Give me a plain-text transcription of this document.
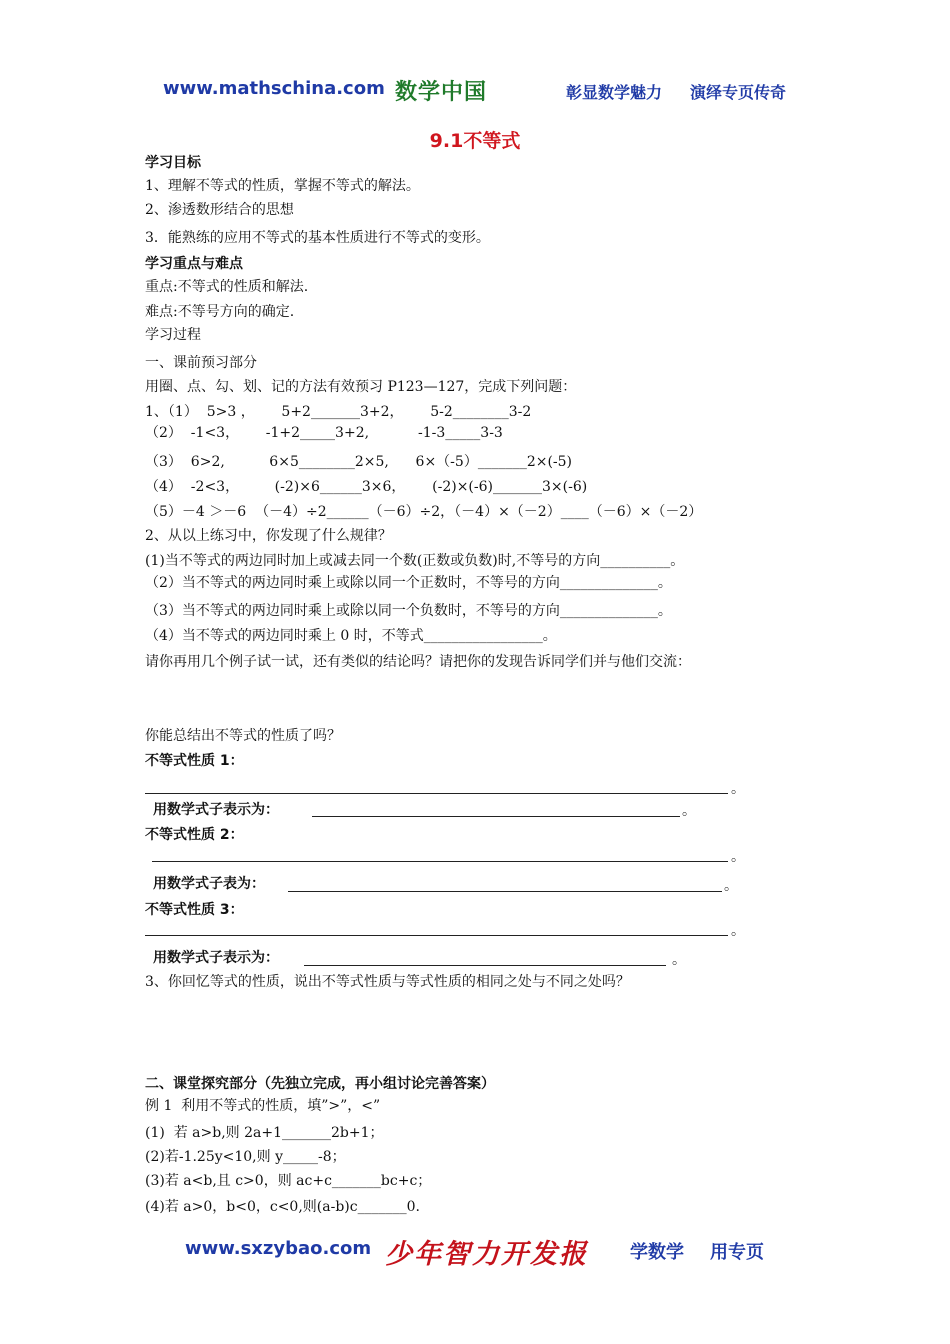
www.mathschina.com 数学中国	彰显数学魅力 演绎专页传奇
9.1不等式
学习目标
1、理解不等式的性质，掌握不等式的解法。
2、渗透数形结合的思想
3．能熟练的应用不等式的基本性质进行不等式的变形。
学习重点与难点
重点:不等式的性质和解法.
难点:不等号方向的确定.
学习过程
一、课前预习部分
用圈、点、勾、划、记的方法有效预习 P123—127，完成下列问题：
1、（1）  5>3 ，      5+2_______3+2，      5-2________3-2
（2）  -1<3，      -1+2_____3+2,           -1-3_____3-3
（3）  6>2,          6×5________2×5,      6×（-5）_______2×(-5)
（4）  -2<3，        (-2)×6______3×6，      (-2)×(-6)_______3×(-6)
（5）－4 ＞－6  （－4）÷2______（－6）÷2，（－4）×（－2）____（－6）×（－2）
2、从以上练习中，你发现了什么规律？
(1)当不等式的两边同时加上或减去同一个数(正数或负数)时,不等号的方向__________。
（2）当不等式的两边同时乘上或除以同一个正数时，不等号的方向______________。
（3）当不等式的两边同时乘上或除以同一个负数时，不等号的方向______________。
（4）当不等式的两边同时乘上 0 时，不等式_________________。
请你再用几个例子试一试，还有类似的结论吗？请把你的发现告诉同学们并与他们交流：
你能总结出不等式的性质了吗？
不等式性质 1：
。
用数学式子表示为：	。
不等式性质 2：
。
用数学式子表为：	。
不等式性质 3：
。
用数学式子表示为：	。
3、你回忆等式的性质，说出不等式性质与等式性质的相同之处与不同之处吗？
二、课堂探究部分（先独立完成，再小组讨论完善答案）
例 1  利用不等式的性质，填”>”，<”
(1)  若 a>b,则 2a+1_______2b+1；
(2)若-1.25y<10,则 y_____-8；
(3)若 a<b,且 c>0，则 ac+c_______bc+c；
(4)若 a>0，b<0，c<0,则(a-b)c_______0.
www.sxzybao.com 少年智力开发报 学数学 用专页
